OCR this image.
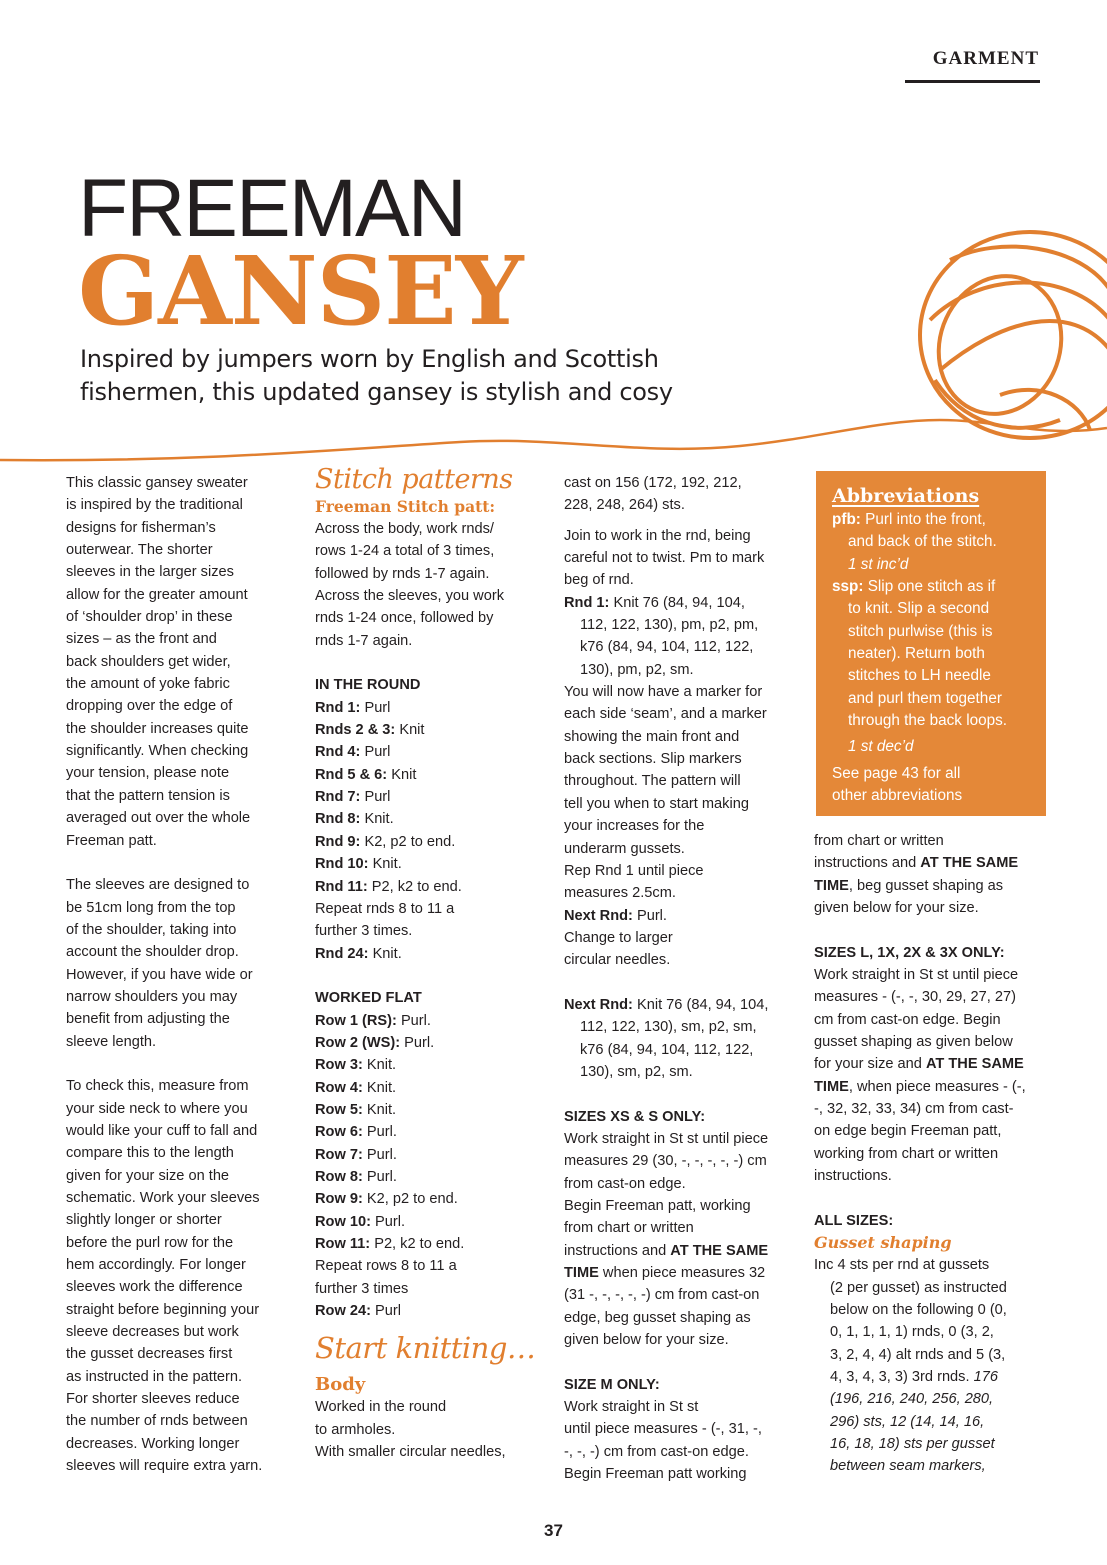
GARMENT
FREEMAN
GANSEY
Inspired by jumpers worn by English and Scottish
fishermen, this updated gansey is stylish and cosy

This classic gansey sweater

is inspired by the traditional

designs for fisherman’s

outerwear. The shorter

sleeves in the larger sizes

allow for the greater amount

of ‘shoulder drop’ in these

sizes – as the front and

back shoulders get wider,

the amount of yoke fabric

dropping over the edge of

the shoulder increases quite

significantly. When checking

your tension, please note

that the pattern tension is

averaged out over the whole

Freeman patt.

The sleeves are designed to

be 51cm long from the top

of the shoulder, taking into

account the shoulder drop.

However, if you have wide or

narrow shoulders you may

benefit from adjusting the

sleeve length.

To check this, measure from

your side neck to where you

would like your cuff to fall and

compare this to the length

given for your size on the

schematic. Work your sleeves

slightly longer or shorter

before the purl row for the

hem accordingly. For longer

sleeves work the difference

straight before beginning your

sleeve decreases but work

the gusset decreases first

as instructed in the pattern.

For shorter sleeves reduce

the number of rnds between

decreases. Working longer

sleeves will require extra yarn.

Stitch patterns
Freeman Stitch patt:

Across the body, work rnds/

rows 1-24 a total of 3 times,

followed by rnds 1-7 again.

Across the sleeves, you work

rnds 1-24 once, followed by

rnds 1-7 again.

IN THE ROUND

Rnd 1: Purl

Rnds 2 & 3: Knit

Rnd 4: Purl

Rnd 5 & 6: Knit

Rnd 7: Purl

Rnd 8: Knit.

Rnd 9: K2, p2 to end.

Rnd 10: Knit.

Rnd 11: P2, k2 to end.

Repeat rnds 8 to 11 a

further 3 times.

Rnd 24: Knit.

WORKED FLAT

Row 1 (RS): Purl.

Row 2 (WS): Purl.

Row 3: Knit.

Row 4: Knit.

Row 5: Knit.

Row 6: Purl.

Row 7: Purl.

Row 8: Purl.

Row 9: K2, p2 to end.

Row 10: Purl.

Row 11: P2, k2 to end.

Repeat rows 8 to 11 a

further 3 times

Row 24: Purl

Start knitting…
Body

Worked in the round

to armholes.

With smaller circular needles,

cast on 156 (172, 192, 212,

228, 248, 264) sts.

Join to work in the rnd, being

careful not to twist. Pm to mark

beg of rnd.

Rnd 1: Knit 76 (84, 94, 104,

112, 122, 130), pm, p2, pm,

k76 (84, 94, 104, 112, 122,

130), pm, p2, sm.

You will now have a marker for

each side ‘seam’, and a marker

showing the main front and

back sections. Slip markers

throughout. The pattern will

tell you when to start making

your increases for the

underarm gussets.

Rep Rnd 1 until piece

measures 2.5cm.

Next Rnd: Purl.

Change to larger

circular needles.

Next Rnd: Knit 76 (84, 94, 104,

112, 122, 130), sm, p2, sm,

k76 (84, 94, 104, 112, 122,

130), sm, p2, sm.

SIZES XS & S ONLY:

Work straight in St st until piece

measures 29 (30, -, -, -, -, -) cm

from cast-on edge.

Begin Freeman patt, working

from chart or written

instructions and AT THE SAME

TIME when piece measures 32

(31 -, -, -, -, -) cm from cast-on

edge, beg gusset shaping as

given below for your size.

SIZE M ONLY:

Work straight in St st

until piece measures - (-, 31, -,

-, -, -) cm from cast-on edge.

Begin Freeman patt working

Abbreviations

pfb: Purl into the front,

and back of the stitch.

1 st inc’d

ssp: Slip one stitch as if

to knit. Slip a second

stitch purlwise (this is

neater). Return both

stitches to LH needle

and purl them together

through the back loops.

1 st dec’d

See page 43 for all

other abbreviations

from chart or written

instructions and AT THE SAME

TIME, beg gusset shaping as

given below for your size.

SIZES L, 1X, 2X & 3X ONLY:

Work straight in St st until piece

measures - (-, -, 30, 29, 27, 27)

cm from cast-on edge. Begin

gusset shaping as given below

for your size and AT THE SAME

TIME, when piece measures - (-,

-, 32, 32, 33, 34) cm from cast-

on edge begin Freeman patt,

working from chart or written

instructions.

ALL SIZES:

Gusset shaping

Inc 4 sts per rnd at gussets

(2 per gusset) as instructed

below on the following 0 (0,

0, 1, 1, 1, 1) rnds, 0 (3, 2,

3, 2, 4, 4) alt rnds and 5 (3,

4, 3, 4, 3, 3) 3rd rnds. 176

(196, 216, 240, 256, 280,

296) sts, 12 (14, 14, 16,

16, 18, 18) sts per gusset

between seam markers,

37
